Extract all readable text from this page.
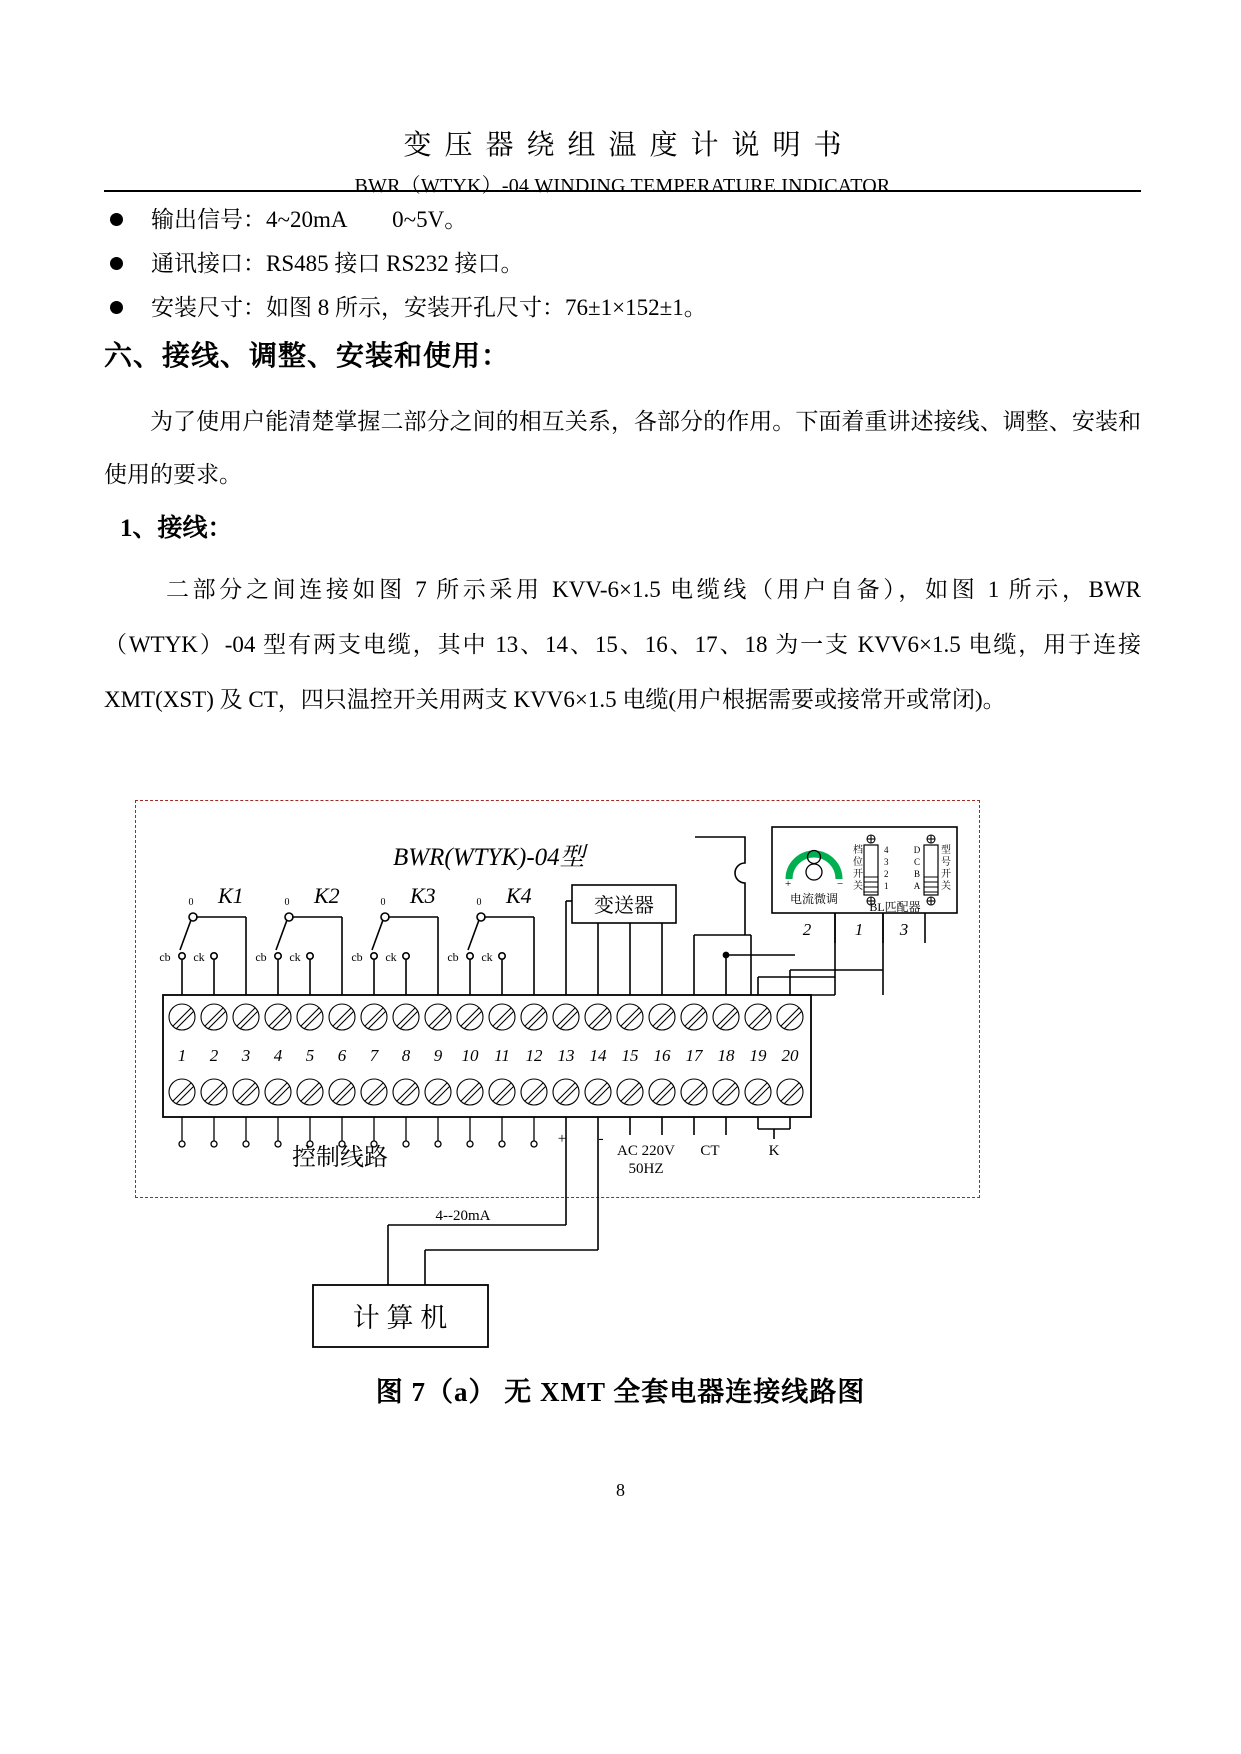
变压器绕组温度计说明书
BWR（WTYK）-04 WINDING TEMPERATURE INDICATOR
输出信号：4~20mA        0~5V。
通讯接口：RS485 接口 RS232 接口。
安装尺寸：如图 8 所示，安装开孔尺寸：76±1×152±1。
六、接线、调整、安装和使用：
为了使用户能清楚掌握二部分之间的相互关系，各部分的作用。下面着重讲述接线、调整、安装和使用的要求。
1、接线：
二部分之间连接如图 7 所示采用 KVV-6×1.5 电缆线（用户自备），如图 1 所示，BWR（WTYK）-04 型有两支电缆，其中 13、14、15、16、17、18 为一支 KVV6×1.5 电缆，用于连接 XMT(XST) 及 CT，四只温控开关用两支 KVV6×1.5 电缆(用户根据需要或接常开或常闭)。
BWR(WTYK)-04型
1 2 3 4 5 6 7 8 9 10 11 12 13 14 15 16 17 18 19 20
0
cb ck
K1	0
cb ck
K2	0
cb ck
K3	0
cb ck
K4	变送器
+	−
电流微调
档
位
开
关
4
3
2
1
D
C
B
A
型
号
开
关
BL匹配器
2	1 3
+ -
4--20mA
AC 220V
50HZ
CT	K
控制线路
计 算 机
图 7（a） 无 XMT 全套电器连接线路图
8
